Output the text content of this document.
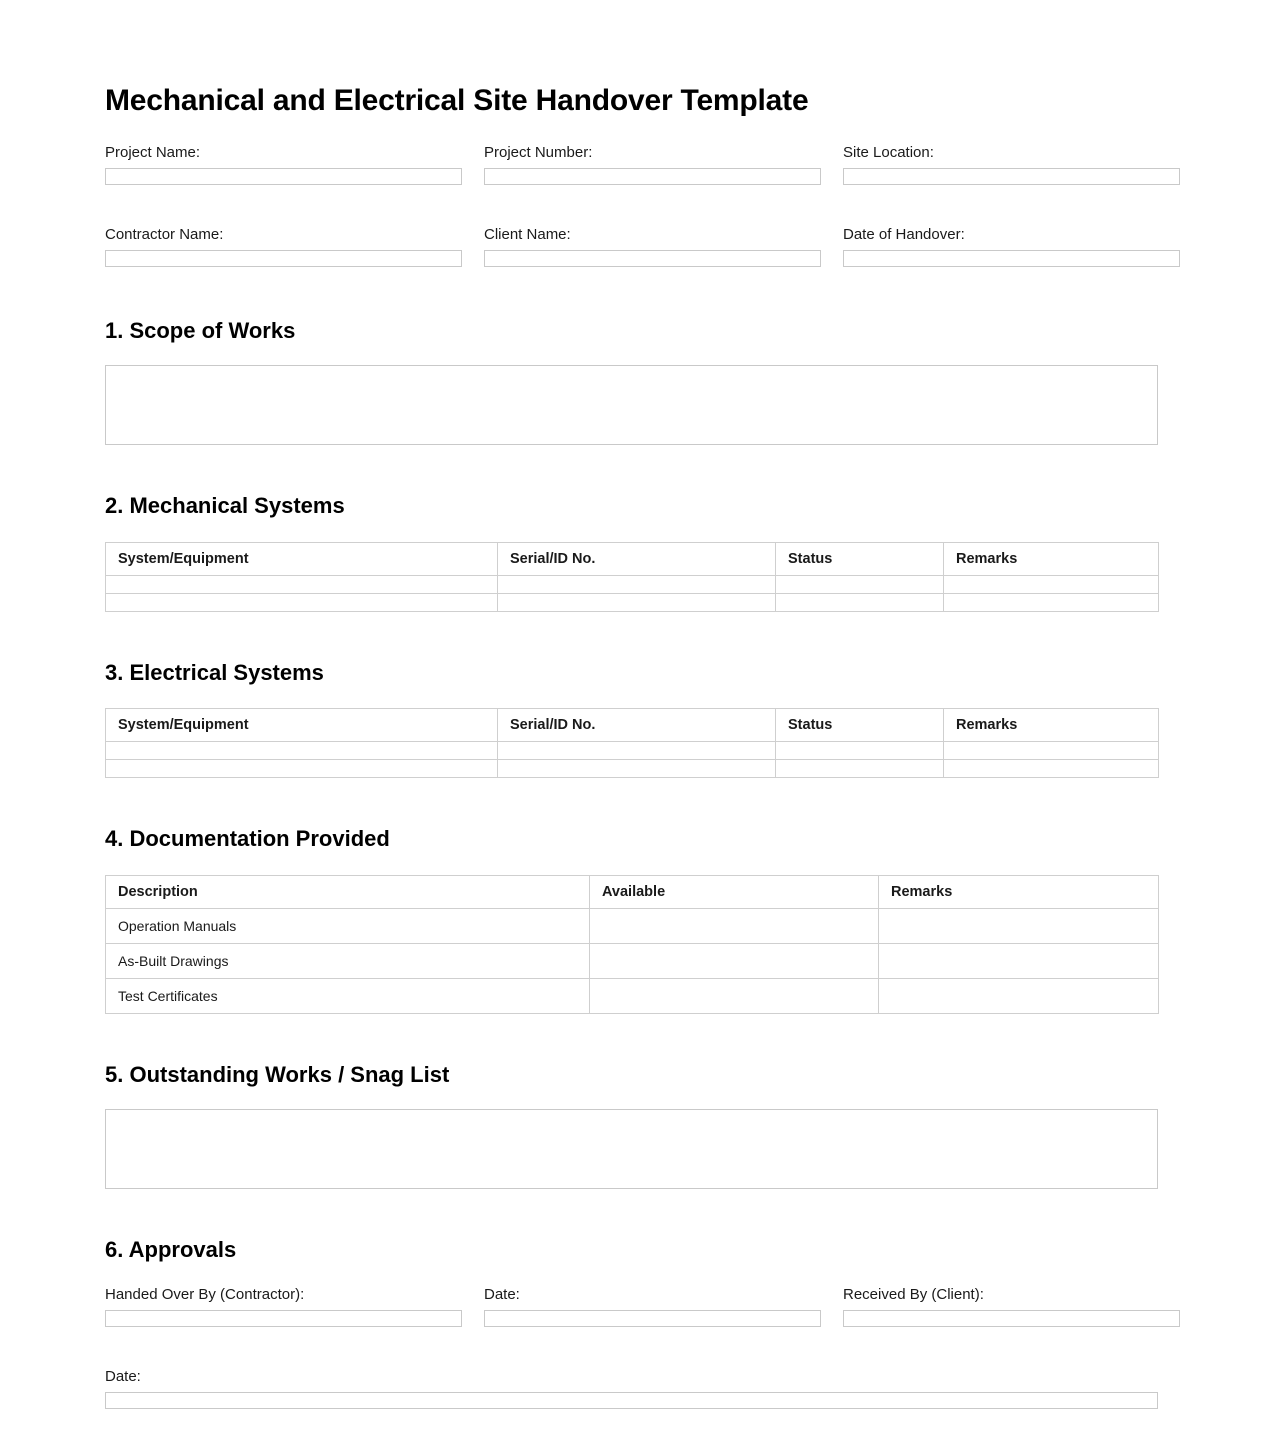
Mechanical and Electrical Site Handover Template
Project Name:	Project Number:	Site Location:
Contractor Name:	Client Name:	Date of Handover:
1. Scope of Works
2. Mechanical Systems
System/Equipment	Serial/ID No.	Status	Remarks

3. Electrical Systems
System/Equipment	Serial/ID No.	Status	Remarks

4. Documentation Provided
Description	Available	Remarks
Operation Manuals		
As-Built Drawings		
Test Certificates		
5. Outstanding Works / Snag List
6. Approvals
Handed Over By (Contractor):	Date:	Received By (Client):
Date:
